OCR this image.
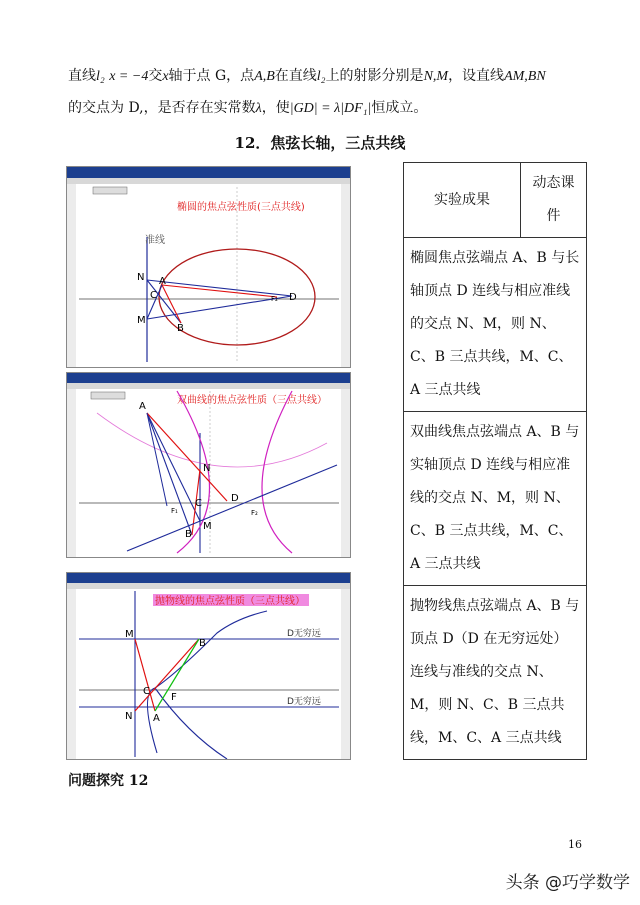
直线l₂ x = −4交x轴于点 G，点A,B在直线l₂上的射影分别是N,M，设直线AM,BN
的交点为 D,，是否存在实常数λ，使|GD| = λ|DF₁|恒成立。
12．焦弦长轴，三点共线
椭圆的焦点弦性质(三点共线)
准线
N A
C
M
B
D
F₂
双曲线的焦点弦性质（三点共线）
A
N
C	D
B
M
F₁	F₂
抛物线的焦点弦性质（三点共线）
M
B
C
F
N A
D无穷远
D无穷远
实验成果	动态课件
椭圆焦点弦端点 A、B 与长轴顶点 D 连线与相应准线的交点 N、M，则 N、C、B 三点共线，M、C、A 三点共线
双曲线焦点弦端点 A、B 与实轴顶点 D 连线与相应准线的交点 N、M，则 N、C、B 三点共线，M、C、A 三点共线
抛物线焦点弦端点 A、B 与顶点 D（D 在无穷远处）连线与准线的交点 N、M，则 N、C、B 三点共线，M、C、A 三点共线
问题探究 12
16
头条 @巧学数学
